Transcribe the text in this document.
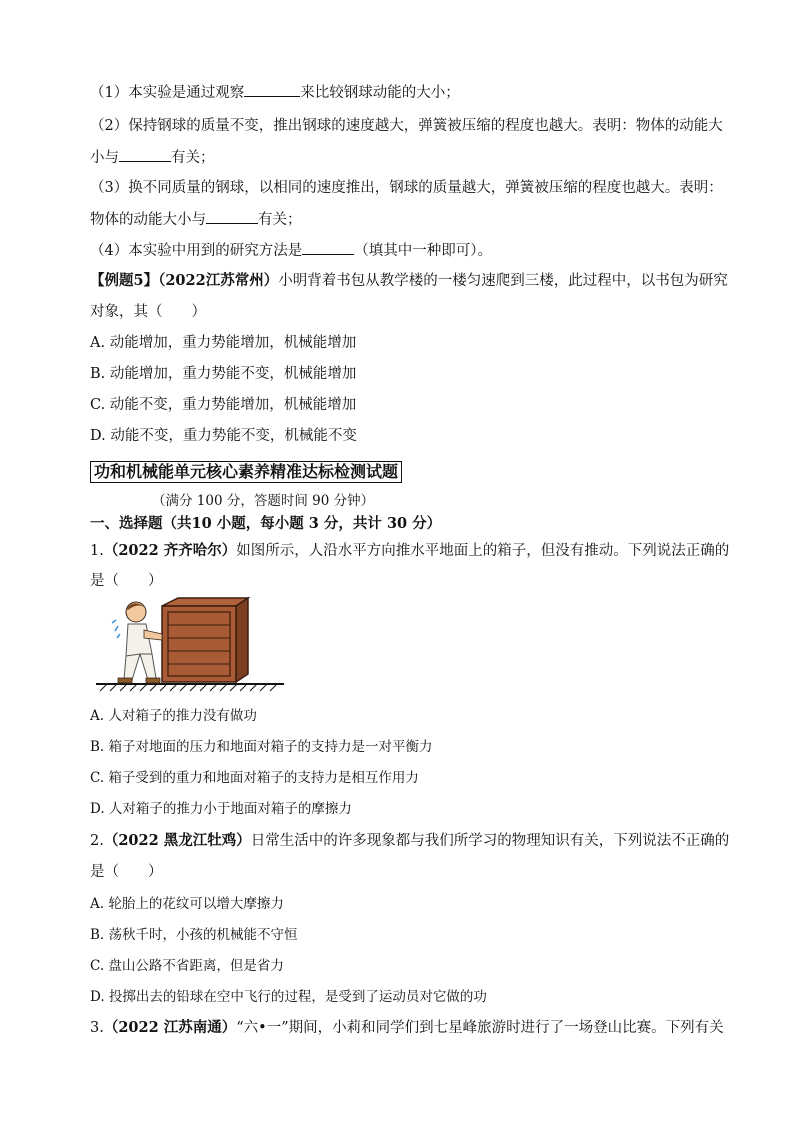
（1）本实验是通过观察	来比较钢球动能的大小；
（2）保持钢球的质量不变，推出钢球的速度越大，弹簧被压缩的程度也越大。表明：物体的动能大
小与	有关；
（3）换不同质量的钢球，以相同的速度推出，钢球的质量越大，弹簧被压缩的程度也越大。表明：
物体的动能大小与	有关；
（4）本实验中用到的研究方法是	（填其中一种即可）。
【例题5】（2022江苏常州）小明背着书包从教学楼的一楼匀速爬到三楼，此过程中，以书包为研究
对象，其（　　）
A. 动能增加，重力势能增加，机械能增加
B. 动能增加，重力势能不变，机械能增加
C. 动能不变，重力势能增加，机械能增加
D. 动能不变，重力势能不变，机械能不变
功和机械能单元核心素养精准达标检测试题
（满分 100 分，答题时间 90 分钟）
一、选择题（共10 小题，每小题 3 分，共计 30 分）
1.（2022 齐齐哈尔）如图所示，人沿水平方向推水平地面上的箱子，但没有推动。下列说法正确的
是（　　）
A. 人对箱子的推力没有做功
B. 箱子对地面的压力和地面对箱子的支持力是一对平衡力
C. 箱子受到的重力和地面对箱子的支持力是相互作用力
D. 人对箱子的推力小于地面对箱子的摩擦力
2.（2022 黑龙江牡鸡）日常生活中的许多现象都与我们所学习的物理知识有关，下列说法不正确的
是（　　）
A. 轮胎上的花纹可以增大摩擦力
B. 荡秋千时，小孩的机械能不守恒
C. 盘山公路不省距离，但是省力
D. 投掷出去的铅球在空中飞行的过程，是受到了运动员对它做的功
3.（2022 江苏南通）“六•一”期间，小莉和同学们到七星峰旅游时进行了一场登山比赛。下列有关
